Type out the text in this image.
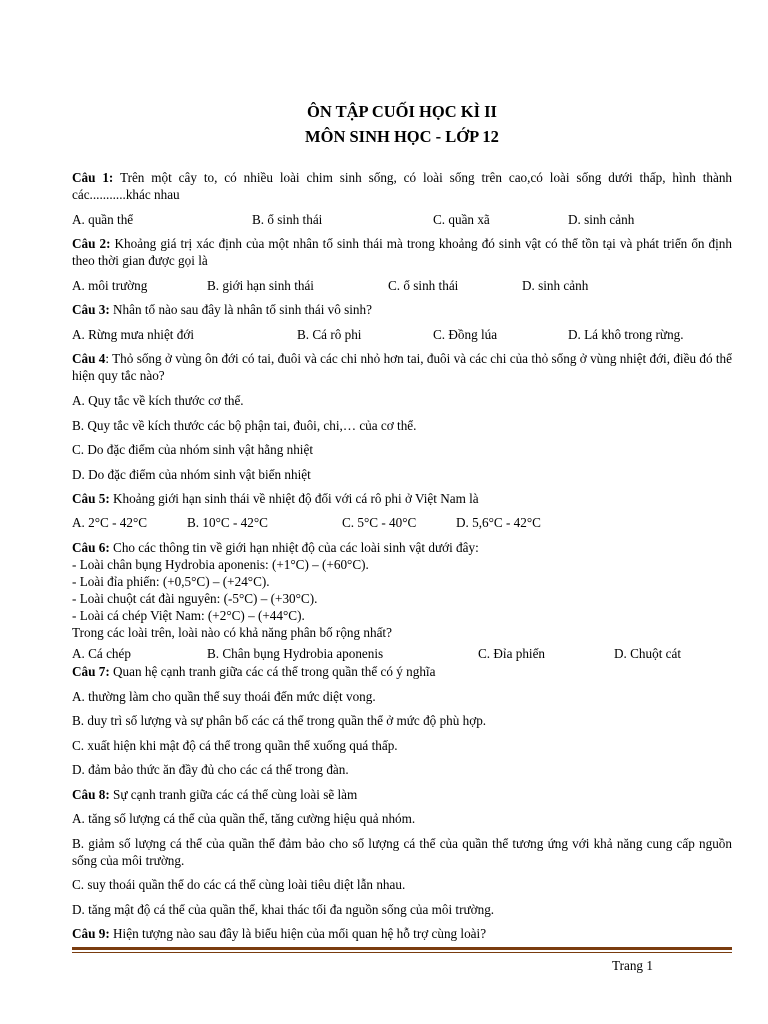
ÔN TẬP CUỐI HỌC KÌ II
MÔN SINH HỌC - LỚP 12
Câu 1: Trên một cây to, có nhiều loài chim sinh sống, có loài sống trên cao,có loài sống dưới thấp, hình thành các...........khác nhau
A. quần thể	B. ổ sinh thái	C. quần xã	D. sinh cảnh
Câu 2: Khoảng giá trị xác định của một nhân tố sinh thái mà trong khoảng đó sinh vật có thể tồn tại và phát triển ổn định theo thời gian được gọi là
A. môi trường	B. giới hạn sinh thái	C. ổ sinh thái	D. sinh cảnh
Câu 3: Nhân tố nào sau đây là nhân tố sinh thái vô sinh?
A. Rừng mưa nhiệt đới	B. Cá rô phi	C. Đồng lúa	D. Lá khô trong rừng.
Câu 4: Thỏ sống ở vùng ôn đới có tai, đuôi và các chi nhỏ hơn tai, đuôi và các chi của thỏ sống ở vùng nhiệt đới, điều đó thể hiện quy tắc nào?
A. Quy tắc về kích thước cơ thể.
B. Quy tắc về kích thước các bộ phận tai, đuôi, chi,… của cơ thể.
C. Do đặc điểm của nhóm sinh vật hằng nhiệt
D. Do đặc điểm của nhóm sinh vật biến nhiệt
Câu 5: Khoảng giới hạn sinh thái về nhiệt độ đối với cá rô phi ở Việt Nam là
A. 2°C - 42°C	B. 10°C - 42°C	C. 5°C - 40°C	D. 5,6°C - 42°C
Câu 6: Cho các thông tin về giới hạn nhiệt độ của các loài sinh vật dưới đây:
- Loài chân bụng Hydrobia aponenis: (+1°C) – (+60°C).
- Loài đỉa phiến: (+0,5°C) – (+24°C).
- Loài chuột cát đài nguyên: (-5°C) – (+30°C).
- Loài cá chép Việt Nam: (+2°C) – (+44°C).
Trong các loài trên, loài nào có khả năng phân bố rộng nhất?
A. Cá chép	B. Chân bụng Hydrobia aponenis	C. Đỉa phiến	D. Chuột cát
Câu 7: Quan hệ cạnh tranh giữa các cá thể trong quần thể có ý nghĩa
A. thường làm cho quần thể suy thoái đến mức diệt vong.
B. duy trì số lượng và sự phân bố các cá thể trong quần thể ở mức độ phù hợp.
C. xuất hiện khi mật độ cá thể trong quần thể xuống quá thấp.
D. đảm bảo thức ăn đầy đủ cho các cá thể trong đàn.
Câu 8: Sự cạnh tranh giữa các cá thể cùng loài sẽ làm
A. tăng số lượng cá thể của quần thể, tăng cường hiệu quả nhóm.
B. giảm số lượng cá thể của quần thể đảm bảo cho số lượng cá thể của quần thể tương ứng với khả năng cung cấp nguồn sống của môi trường.
C. suy thoái quần thể do các cá thể cùng loài tiêu diệt lẫn nhau.
D. tăng mật độ cá thể của quần thể, khai thác tối đa nguồn sống của môi trường.
Câu 9: Hiện tượng nào sau đây là biểu hiện của mối quan hệ hỗ trợ cùng loài?
Trang 1
